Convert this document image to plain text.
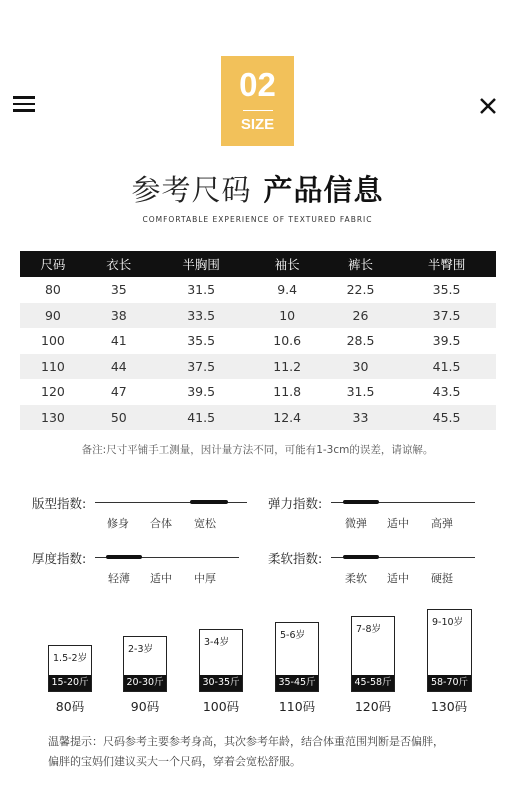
02
SIZE
参考尺码 产品信息
COMFORTABLE EXPERIENCE OF TEXTURED FABRIC
尺码	衣长	半胸围	袖长	裤长	半臀围
80	35	31.5	9.4	22.5	35.5
90	38	33.5	10	26	37.5
100	41	35.5	10.6	28.5	39.5
110	44	37.5	11.2	30	41.5
120	47	39.5	11.8	31.5	43.5
130	50	41.5	12.4	33	45.5
备注:尺寸平铺手工测量，因计量方法不同，可能有1-3cm的误差，请谅解。
版型指数:
修身 合体 宽松
弹力指数:
微弹 适中 高弹
厚度指数:
轻薄 适中 中厚
柔软指数:
柔软 适中 硬挺
1.5-2岁
15-20斤
80码
2-3岁
20-30斤
90码
3-4岁
30-35斤
100码
5-6岁
35-45斤
110码
7-8岁
45-58斤
120码
9-10岁
58-70斤
130码
温馨提示：尺码参考主要参考身高，其次参考年龄，结合体重范围判断是否偏胖，
偏胖的宝妈们建议买大一个尺码，穿着会宽松舒服。
